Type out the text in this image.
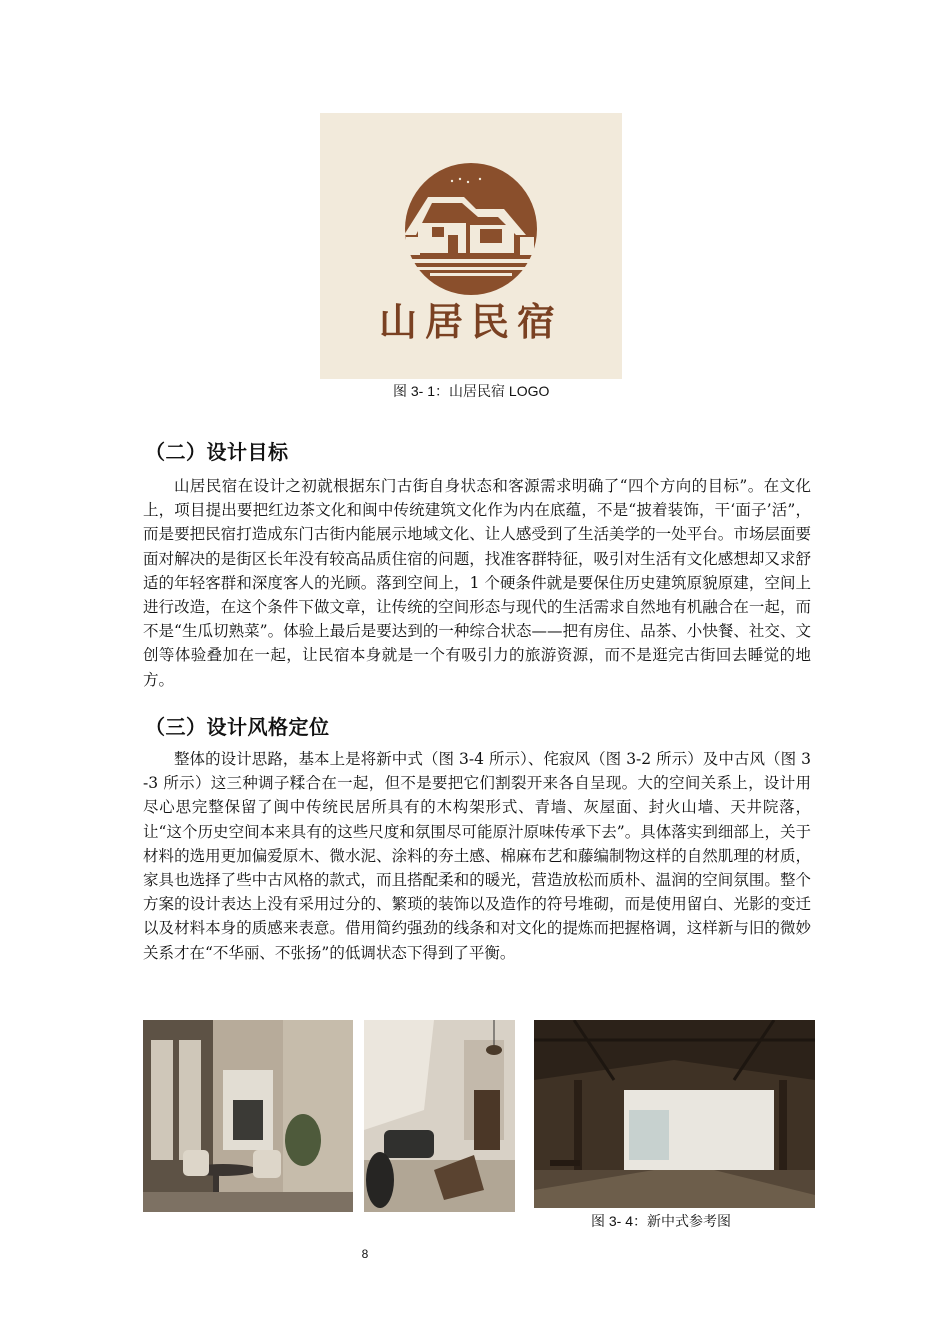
山居民宿
图 3- 1：山居民宿 LOGO
（二）设计目标

山居民宿在设计之初就根据东门古街自身状态和客源需求明确了“四个方向的目标”。在文化上，项目提出要把红边茶文化和闽中传统建筑文化作为内在底蕴，不是“披着装饰，干‘面子’活”，而是要把民宿打造成东门古街内能展示地域文化、让人感受到了生活美学的一处平台。市场层面要面对解决的是街区长年没有较高品质住宿的问题，找准客群特征，吸引对生活有文化感想却又求舒适的年轻客群和深度客人的光顾。落到空间上，1 个硬条件就是要保住历史建筑原貌原建，空间上进行改造，在这个条件下做文章，让传统的空间形态与现代的生活需求自然地有机融合在一起，而不是“生瓜切熟菜”。体验上最后是要达到的一种综合状态——把有房住、品茶、小快餐、社交、文创等体验叠加在一起，让民宿本身就是一个有吸引力的旅游资源，而不是逛完古街回去睡觉的地方。

（三）设计风格定位

整体的设计思路，基本上是将新中式（图 3-4 所示）、侘寂风（图 3-2 所示）及中古风（图 3-3 所示）这三种调子糅合在一起，但不是要把它们割裂开来各自呈现。大的空间关系上，设计用尽心思完整保留了闽中传统民居所具有的木构架形式、青墙、灰屋面、封火山墙、天井院落，让“这个历史空间本来具有的这些尺度和氛围尽可能原汁原味传承下去”。具体落实到细部上，关于材料的选用更加偏爱原木、微水泥、涂料的夯土感、棉麻布艺和藤编制物这样的自然肌理的材质，家具也选择了些中古风格的款式，而且搭配柔和的暖光，营造放松而质朴、温润的空间氛围。整个方案的设计表达上没有采用过分的、繁琐的装饰以及造作的符号堆砌，而是使用留白、光影的变迁以及材料本身的质感来表意。借用简约强劲的线条和对文化的提炼而把握格调，这样新与旧的微妙关系才在“不华丽、不张扬”的低调状态下得到了平衡。

图 3- 4：新中式参考图
8
